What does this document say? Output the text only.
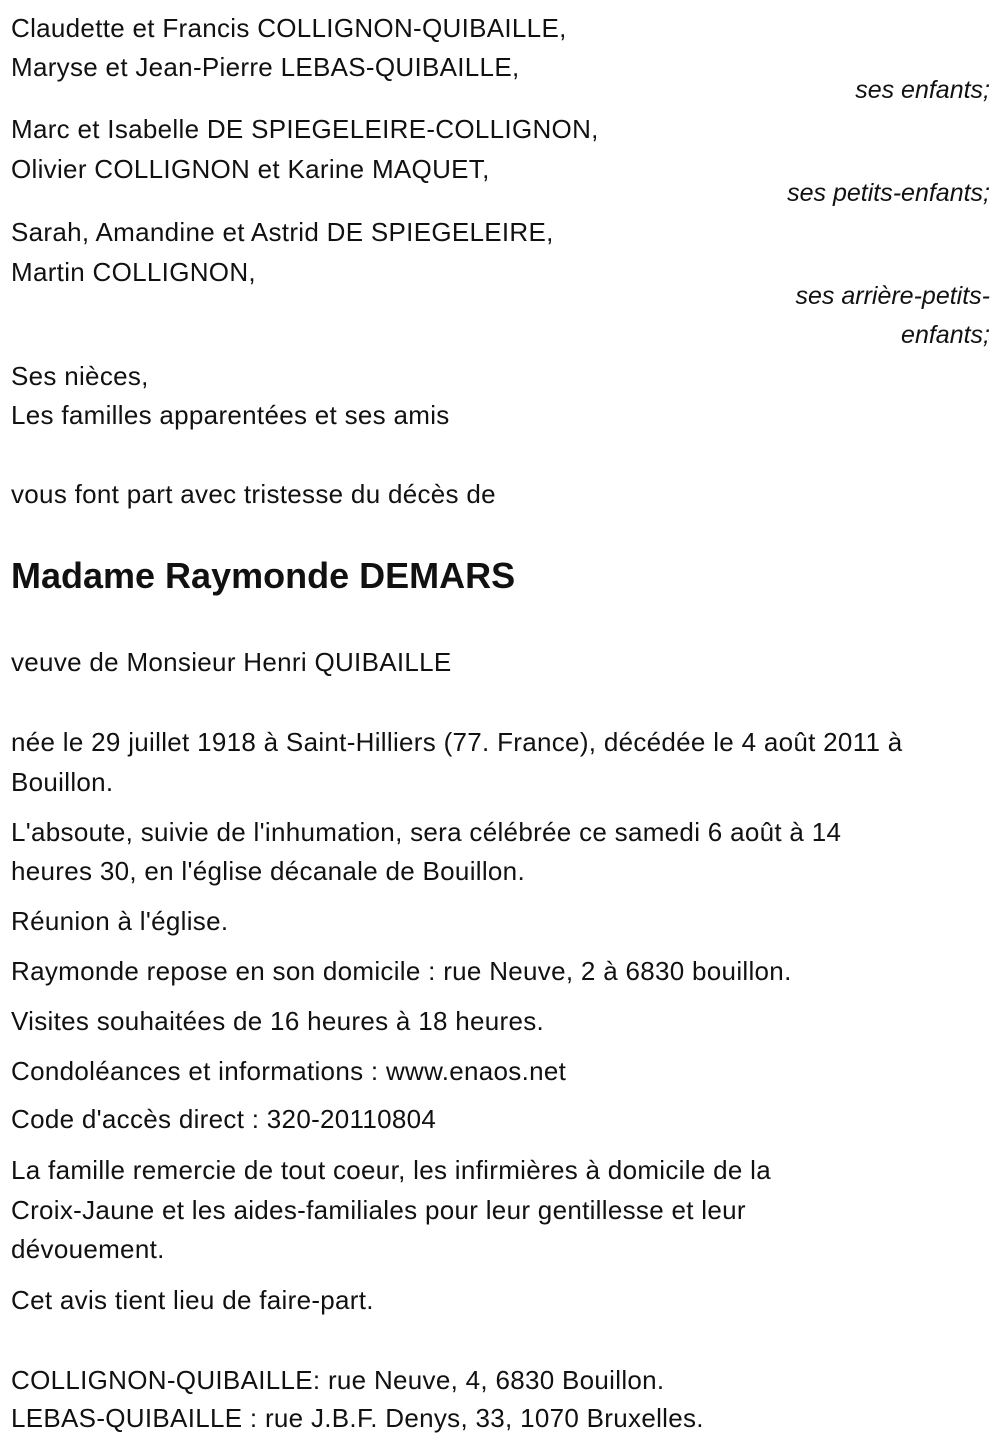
Claudette et Francis COLLIGNON-QUIBAILLE,
Maryse et Jean-Pierre LEBAS-QUIBAILLE,
ses enfants;
Marc et Isabelle DE SPIEGELEIRE-COLLIGNON,
Olivier COLLIGNON et Karine MAQUET,
ses petits-enfants;
Sarah, Amandine et Astrid DE SPIEGELEIRE,
Martin COLLIGNON,
ses arrière-petits-
enfants;
Ses nièces,
Les familles apparentées et ses amis
vous font part avec tristesse du décès de
Madame Raymonde DEMARS
veuve de Monsieur Henri QUIBAILLE
née le 29 juillet 1918 à Saint-Hilliers (77. France), décédée le 4 août 2011 à
Bouillon.
L'absoute, suivie de l'inhumation, sera célébrée ce samedi 6 août à 14
heures 30, en l'église décanale de Bouillon.
Réunion à l'église.
Raymonde repose en son domicile : rue Neuve, 2 à 6830 bouillon.
Visites souhaitées de 16 heures à 18 heures.
Condoléances et informations : www.enaos.net
Code d'accès direct : 320-20110804
La famille remercie de tout coeur, les infirmières à domicile de la
Croix-Jaune et les aides-familiales pour leur gentillesse et leur
dévouement.
Cet avis tient lieu de faire-part.
COLLIGNON-QUIBAILLE: rue Neuve, 4, 6830 Bouillon.
LEBAS-QUIBAILLE : rue J.B.F. Denys, 33, 1070 Bruxelles.
